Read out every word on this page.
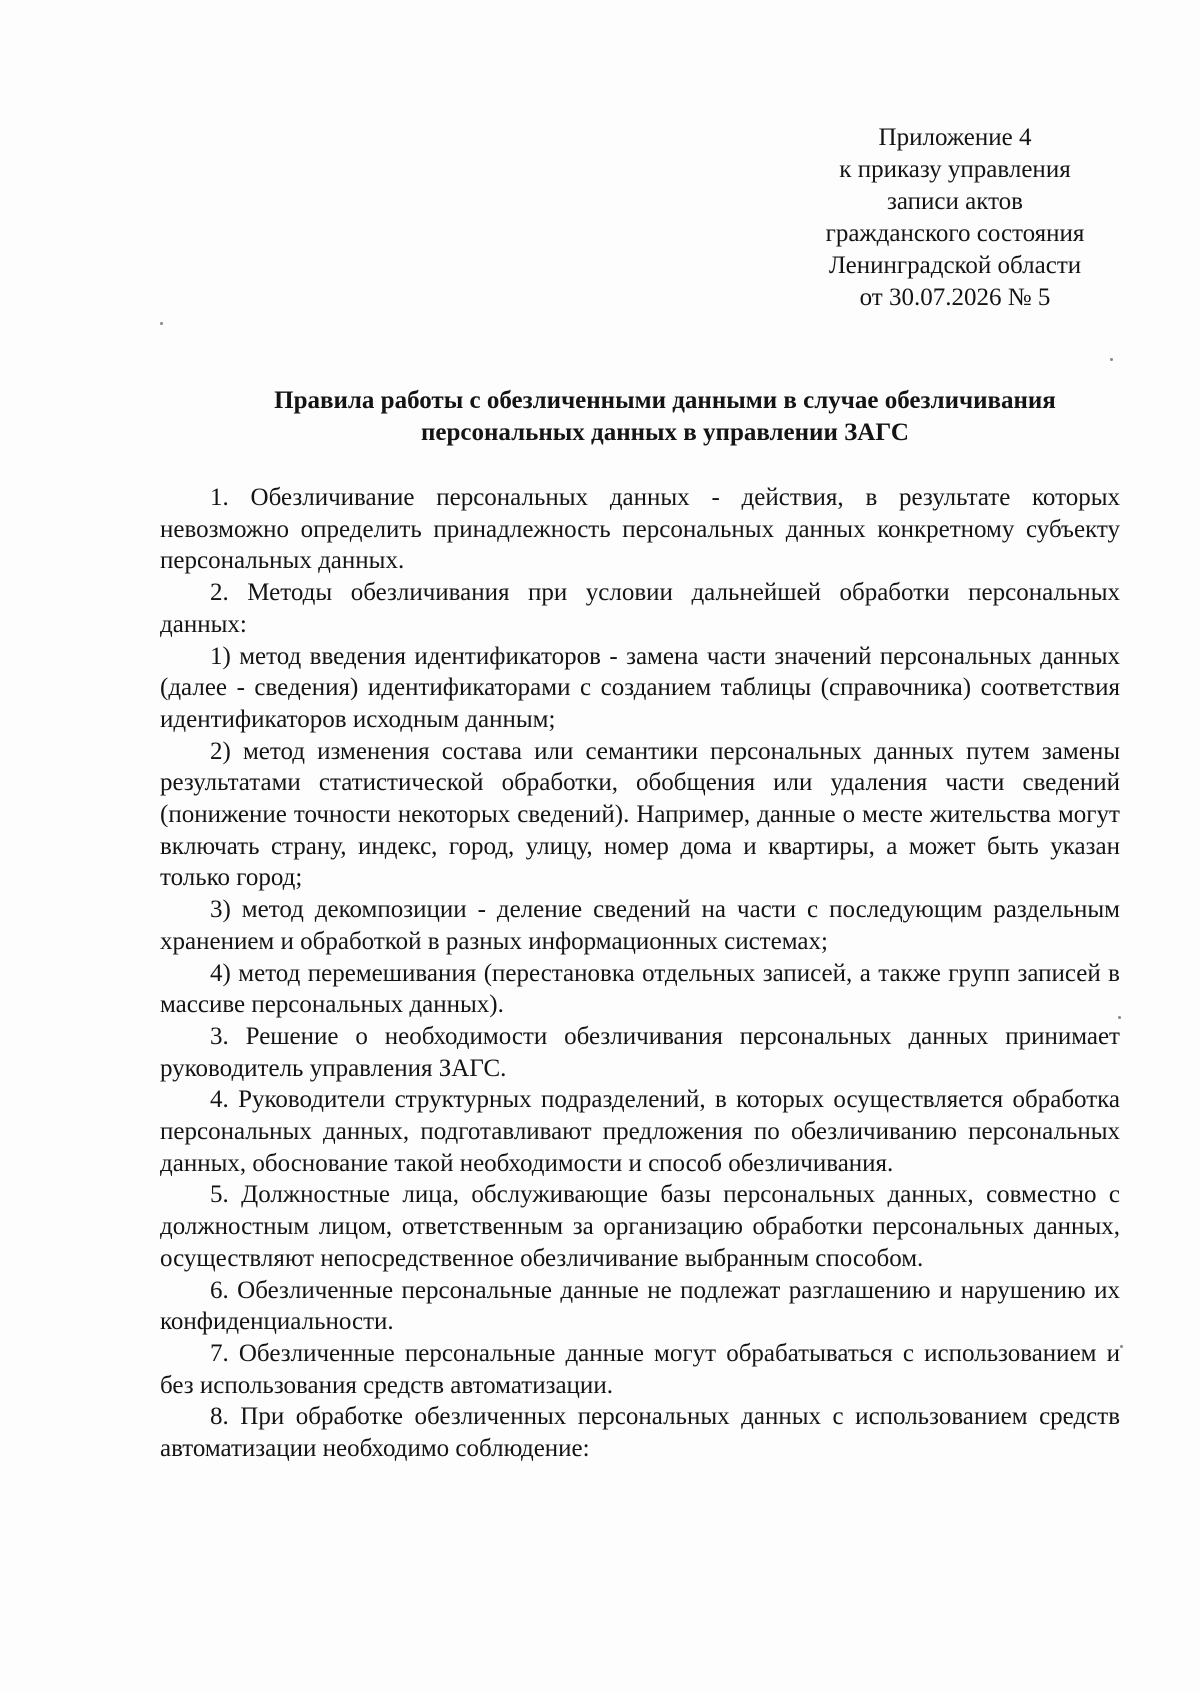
Приложение 4
к приказу управления
записи актов
гражданского состояния
Ленинградской области
от 30.07.2026 № 5
Правила работы с обезличенными данными в случае обезличивания
персональных данных в управлении ЗАГС

1. Обезличивание персональных данных - действия, в результате которых невозможно определить принадлежность персональных данных конкретному субъекту персональных данных.

2. Методы обезличивания при условии дальнейшей обработки персональных данных:

1) метод введения идентификаторов - замена части значений персональных данных (далее - сведения) идентификаторами с созданием таблицы (справочника) соответствия идентификаторов исходным данным;

2) метод изменения состава или семантики персональных данных путем замены результатами статистической обработки, обобщения или удаления части сведений (понижение точности некоторых сведений). Например, данные о месте жительства могут включать страну, индекс, город, улицу, номер дома и квартиры, а может быть указан только город;

3) метод декомпозиции - деление сведений на части с последующим раздельным хранением и обработкой в разных информационных системах;

4) метод перемешивания (перестановка отдельных записей, а также групп записей в массиве персональных данных).

3. Решение о необходимости обезличивания персональных данных принимает руководитель управления ЗАГС.

4. Руководители структурных подразделений, в которых осуществляется обработка персональных данных, подготавливают предложения по обезличиванию персональных данных, обоснование такой необходимости и способ обезличивания.

5. Должностные лица, обслуживающие базы персональных данных, совместно с должностным лицом, ответственным за организацию обработки персональных данных, осуществляют непосредственное обезличивание выбранным способом.

6. Обезличенные персональные данные не подлежат разглашению и нарушению их конфиденциальности.

7. Обезличенные персональные данные могут обрабатываться с использованием и без использования средств автоматизации.

8. При обработке обезличенных персональных данных с использованием средств автоматизации необходимо соблюдение:
